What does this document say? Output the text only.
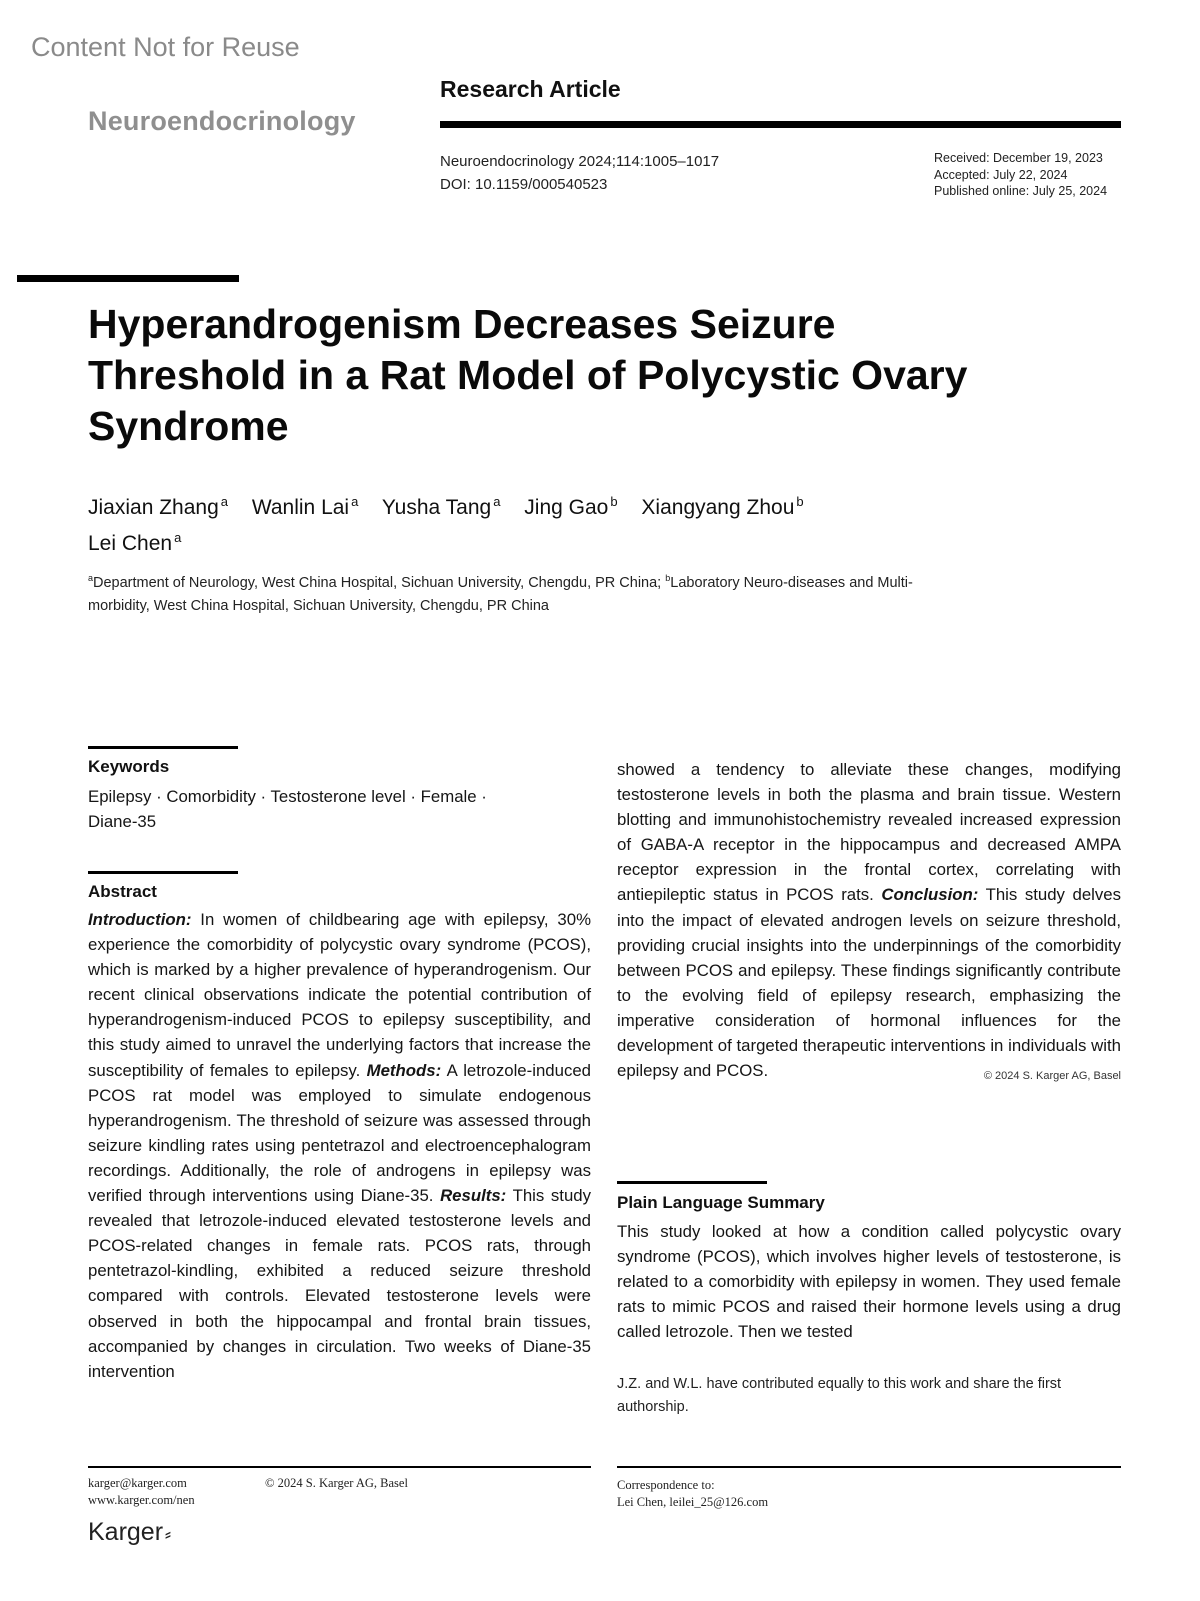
Content Not for Reuse
Neuroendocrinology
Research Article
Neuroendocrinology 2024;114:1005–1017
DOI: 10.1159/000540523
Received: December 19, 2023
Accepted: July 22, 2024
Published online: July 25, 2024
Hyperandrogenism Decreases Seizure Threshold in a Rat Model of Polycystic Ovary Syndrome
Jiaxian Zhang $^a$ Wanlin Lai $^a$ Yusha Tang $^a$ Jing Gao $^b$ Xiangyang Zhou $^b$
Lei Chen $^a$
$^a$Department of Neurology, West China Hospital, Sichuan University, Chengdu, PR China; $^b$Laboratory Neuro-diseases and Multi-morbidity, West China Hospital, Sichuan University, Chengdu, PR China
Keywords
Epilepsy · Comorbidity · Testosterone level · Female · Diane-35
Abstract
Introduction: In women of childbearing age with epilepsy, 30% experience the comorbidity of polycystic ovary syndrome (PCOS), which is marked by a higher prevalence of hyperandrogenism. Our recent clinical observations indicate the potential contribution of hyperandrogenism-induced PCOS to epilepsy susceptibility, and this study aimed to unravel the underlying factors that increase the susceptibility of females to epilepsy. Methods: A letrozole-induced PCOS rat model was employed to simulate endogenous hyperandrogenism. The threshold of seizure was assessed through seizure kindling rates using pentetrazol and electroencephalogram recordings. Additionally, the role of androgens in epilepsy was verified through interventions using Diane-35. Results: This study revealed that letrozole-induced elevated testosterone levels and PCOS-related changes in female rats. PCOS rats, through pentetrazol-kindling, exhibited a reduced seizure threshold compared with controls. Elevated testosterone levels were observed in both the hippocampal and frontal brain tissues, accompanied by changes in circulation. Two weeks of Diane-35 intervention
showed a tendency to alleviate these changes, modifying testosterone levels in both the plasma and brain tissue. Western blotting and immunohistochemistry revealed increased expression of GABA-A receptor in the hippocampus and decreased AMPA receptor expression in the frontal cortex, correlating with antiepileptic status in PCOS rats. Conclusion: This study delves into the impact of elevated androgen levels on seizure threshold, providing crucial insights into the underpinnings of the comorbidity between PCOS and epilepsy. These findings significantly contribute to the evolving field of epilepsy research, emphasizing the imperative consideration of hormonal influences for the development of targeted therapeutic interventions in individuals with epilepsy and PCOS.	© 2024 S. Karger AG, Basel
Plain Language Summary
This study looked at how a condition called polycystic ovary syndrome (PCOS), which involves higher levels of testosterone, is related to a comorbidity with epilepsy in women. They used female rats to mimic PCOS and raised their hormone levels using a drug called letrozole. Then we tested
J.Z. and W.L. have contributed equally to this work and share the first authorship.
karger@karger.com
www.karger.com/nen
© 2024 S. Karger AG, Basel	Correspondence to:
Lei Chen, leilei_25@126.com
Karger ⸗
